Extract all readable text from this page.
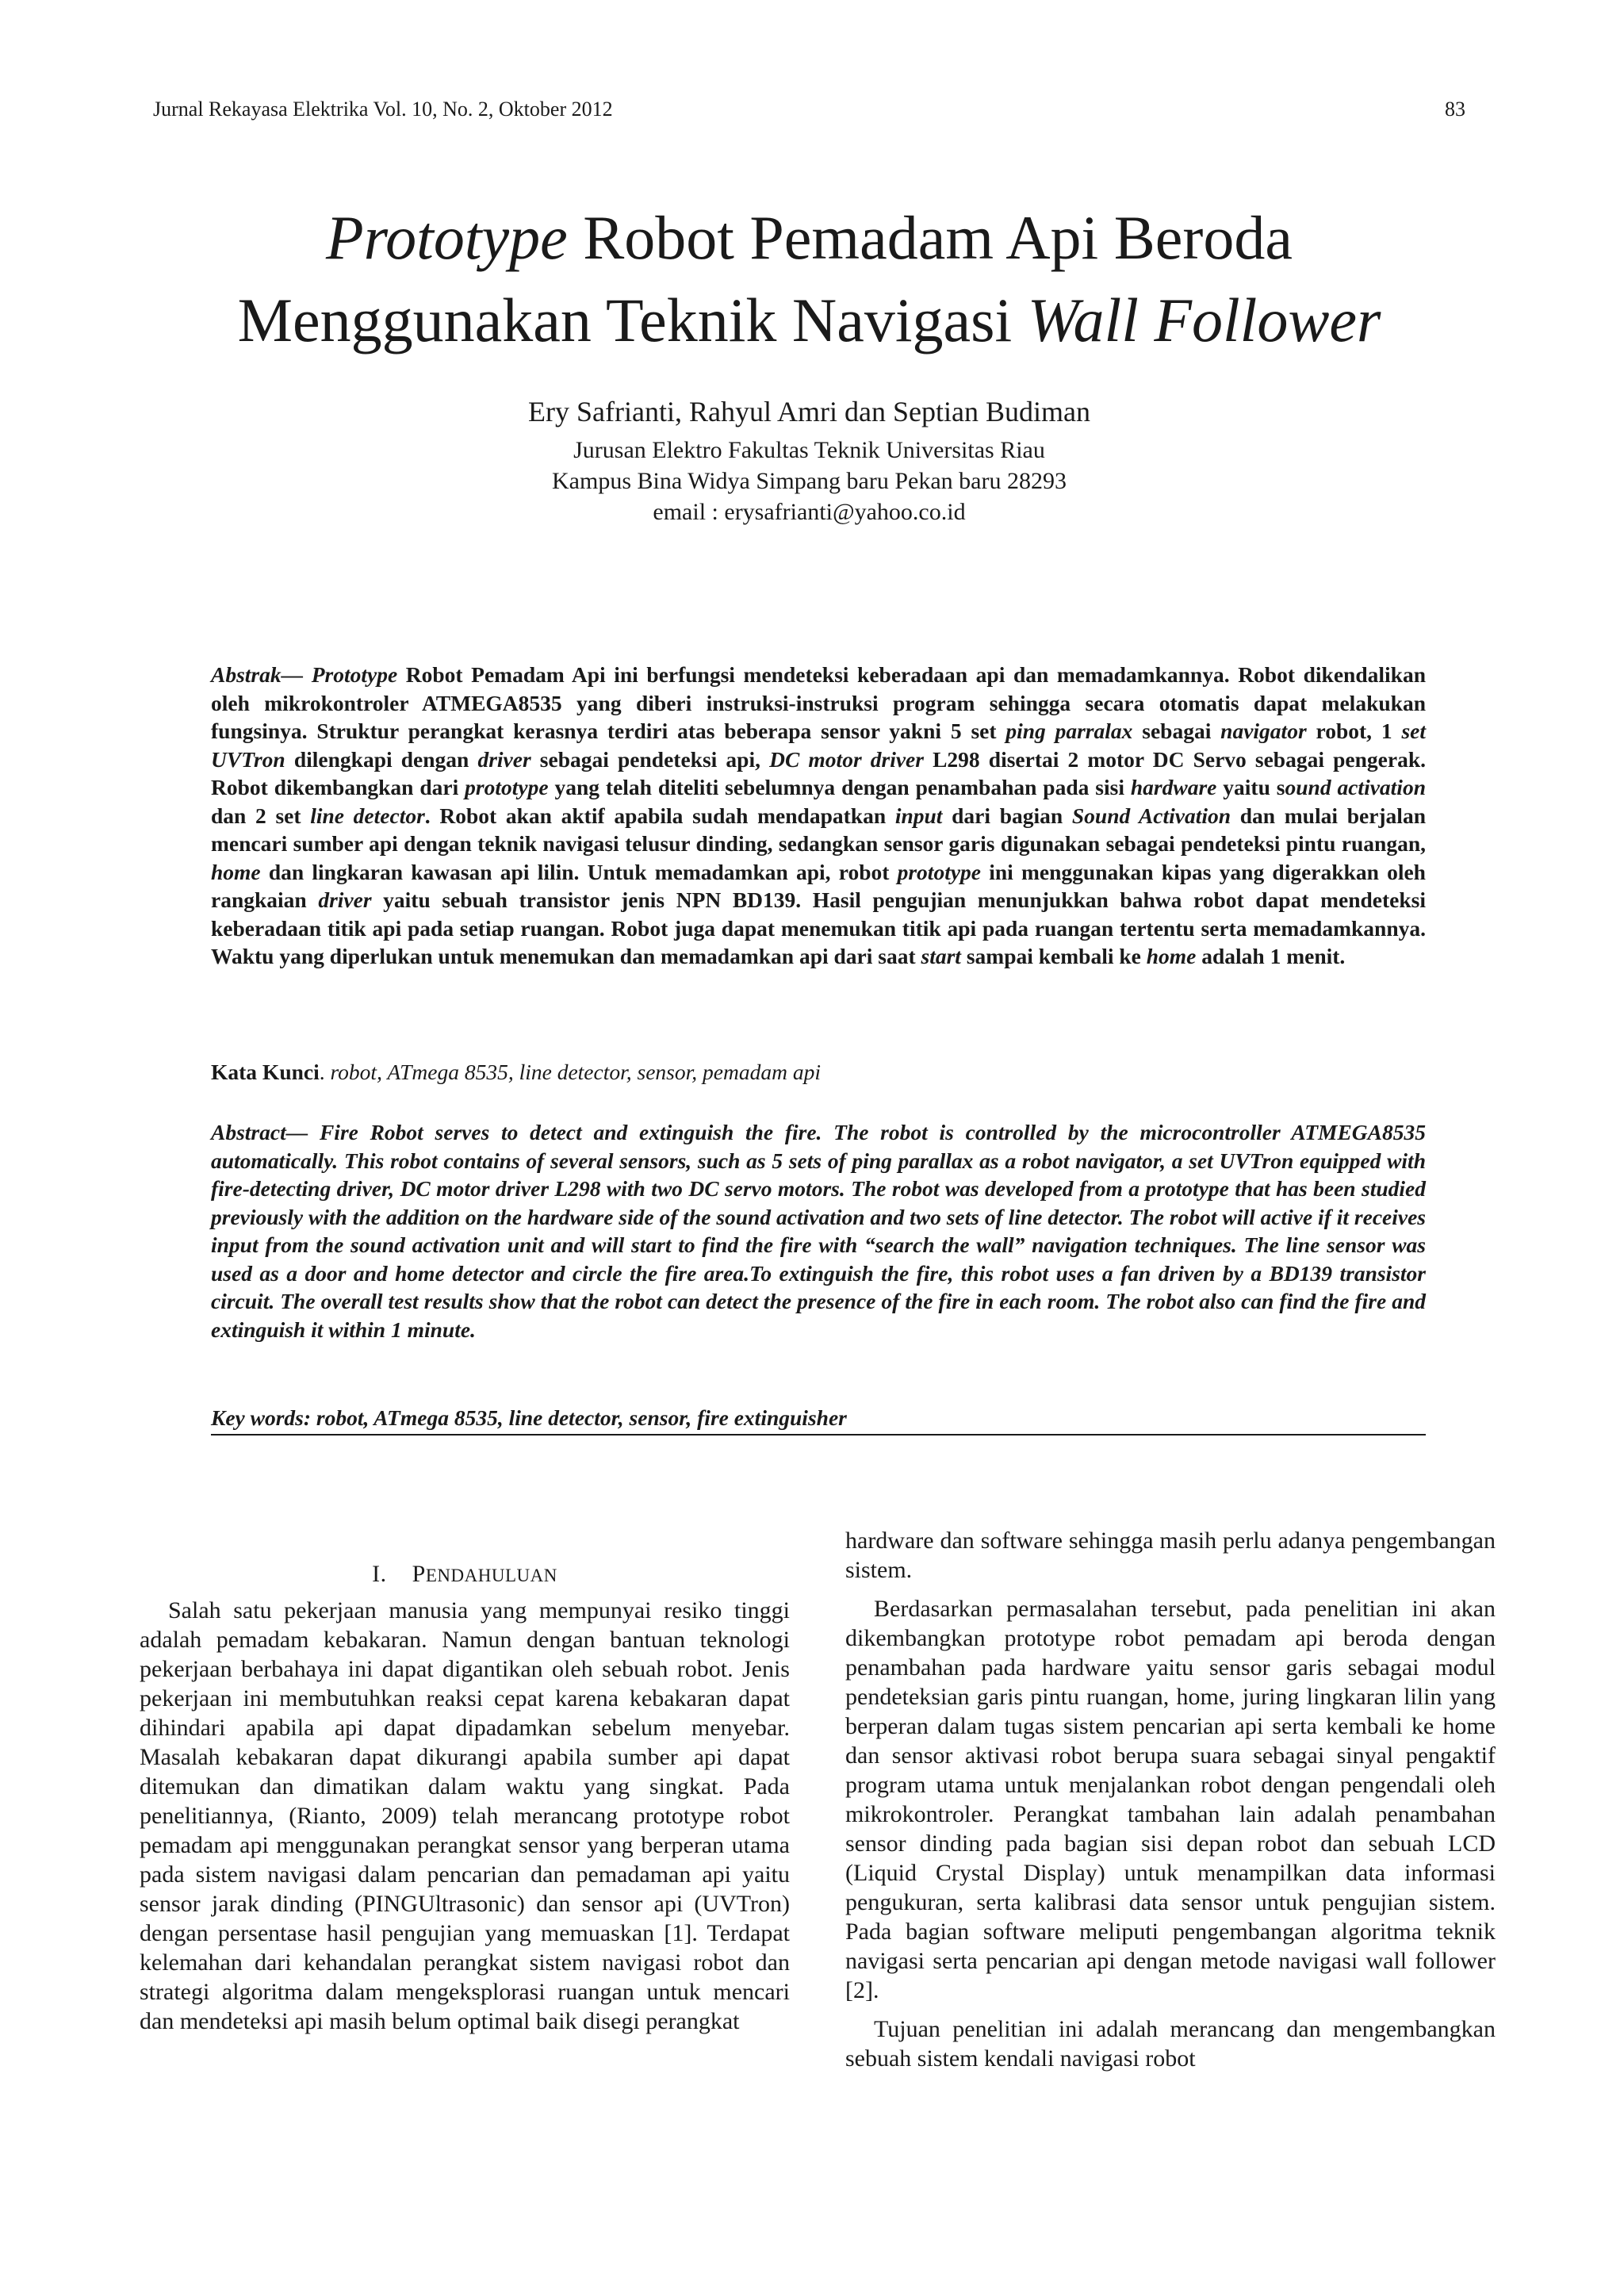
Jurnal Rekayasa Elektrika Vol. 10, No. 2, Oktober 2012	83
Prototype Robot Pemadam Api Beroda
Menggunakan Teknik Navigasi Wall Follower
Ery Safrianti, Rahyul Amri dan Septian Budiman
Jurusan Elektro Fakultas Teknik Universitas Riau
Kampus Bina Widya Simpang baru Pekan baru 28293
email : erysafrianti@yahoo.co.id

Abstrak— Prototype Robot Pemadam Api ini berfungsi mendeteksi keberadaan api dan memadamkannya. Robot dikendalikan oleh mikrokontroler ATMEGA8535 yang diberi instruksi-instruksi program sehingga secara otomatis dapat melakukan fungsinya. Struktur perangkat kerasnya terdiri atas beberapa sensor yakni 5 set ping parralax sebagai navigator robot, 1 set UVTron dilengkapi dengan driver sebagai pendeteksi api, DC motor driver L298 disertai 2 motor DC Servo sebagai pengerak. Robot dikembangkan dari prototype yang telah diteliti sebelumnya dengan penambahan pada sisi hardware yaitu sound activation dan 2 set line detector. Robot akan aktif apabila sudah mendapatkan input dari bagian Sound Activation dan mulai berjalan mencari sumber api dengan teknik navigasi telusur dinding, sedangkan sensor garis digunakan sebagai pendeteksi pintu ruangan, home dan lingkaran kawasan api lilin. Untuk memadamkan api, robot prototype ini menggunakan kipas yang digerakkan oleh rangkaian driver yaitu sebuah transistor jenis NPN BD139. Hasil pengujian menunjukkan bahwa robot dapat mendeteksi keberadaan titik api pada setiap ruangan. Robot juga dapat menemukan titik api pada ruangan tertentu serta memadamkannya. Waktu yang diperlukan untuk menemukan dan memadamkan api dari saat start sampai kembali ke home adalah 1 menit.

Kata Kunci. robot, ATmega 8535, line detector, sensor, pemadam api

Abstract— Fire Robot serves to detect and extinguish the fire. The robot is controlled by the microcontroller ATMEGA8535 automatically. This robot contains of several sensors, such as 5 sets of ping parallax as a robot navigator, a set UVTron equipped with fire-detecting driver, DC motor driver L298 with two DC servo motors. The robot was developed from a prototype that has been studied previously with the addition on the hardware side of the sound activation and two sets of line detector. The robot will active if it receives input from the sound activation unit and will start to find the fire with “search the wall” navigation techniques. The line sensor was used as a door and home detector and circle the fire area.To extinguish the fire, this robot uses a fan driven by a BD139 transistor circuit. The overall test results show that the robot can detect the presence of the fire in each room. The robot also can find the fire and extinguish it within 1 minute.

Key words: robot, ATmega 8535, line detector, sensor, fire extinguisher
I. PENDAHULUAN

Salah satu pekerjaan manusia yang mempunyai resiko tinggi adalah pemadam kebakaran. Namun dengan bantuan teknologi pekerjaan berbahaya ini dapat digantikan oleh sebuah robot. Jenis pekerjaan ini membutuhkan reaksi cepat karena kebakaran dapat dihindari apabila api dapat dipadamkan sebelum menyebar. Masalah kebakaran dapat dikurangi apabila sumber api dapat ditemukan dan dimatikan dalam waktu yang singkat. Pada penelitiannya, (Rianto, 2009) telah merancang prototype robot pemadam api menggunakan perangkat sensor yang berperan utama pada sistem navigasi dalam pencarian dan pemadaman api yaitu sensor jarak dinding (PINGUltrasonic) dan sensor api (UVTron) dengan persentase hasil pengujian yang memuaskan [1]. Terdapat kelemahan dari kehandalan perangkat sistem navigasi robot dan strategi algoritma dalam mengeksplorasi ruangan untuk mencari dan mendeteksi api masih belum optimal baik disegi perangkat

hardware dan software sehingga masih perlu adanya pengembangan sistem.

Berdasarkan permasalahan tersebut, pada penelitian ini akan dikembangkan prototype robot pemadam api beroda dengan penambahan pada hardware yaitu sensor garis sebagai modul pendeteksian garis pintu ruangan, home, juring lingkaran lilin yang berperan dalam tugas sistem pencarian api serta kembali ke home dan sensor aktivasi robot berupa suara sebagai sinyal pengaktif program utama untuk menjalankan robot dengan pengendali oleh mikrokontroler. Perangkat tambahan lain adalah penambahan sensor dinding pada bagian sisi depan robot dan sebuah LCD (Liquid Crystal Display) untuk menampilkan data informasi pengukuran, serta kalibrasi data sensor untuk pengujian sistem. Pada bagian software meliputi pengembangan algoritma teknik navigasi serta pencarian api dengan metode navigasi wall follower [2].

Tujuan penelitian ini adalah merancang dan mengembangkan sebuah sistem kendali navigasi robot
